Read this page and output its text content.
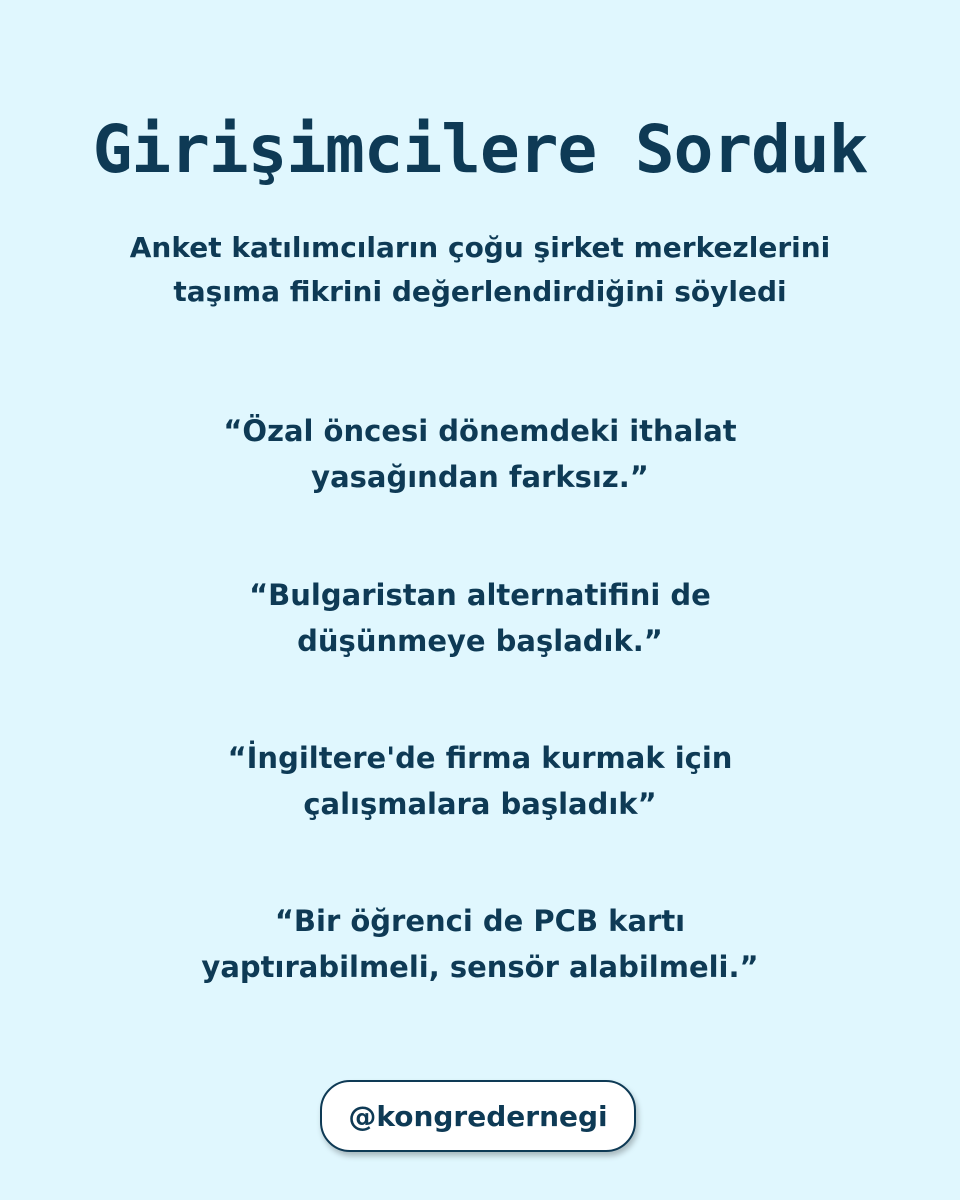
Girişimcilere Sorduk

Anket katılımcıların çoğu şirket merkezlerini
taşıma fikrini değerlendirdiğini söyledi

“Özal öncesi dönemdeki ithalat
yasağından farksız.”

“Bulgaristan alternatifini de
düşünmeye başladık.”

“İngiltere'de firma kurmak için
çalışmalara başladık”

“Bir öğrenci de PCB kartı
yaptırabilmeli, sensör alabilmeli.”

@kongredernegi
